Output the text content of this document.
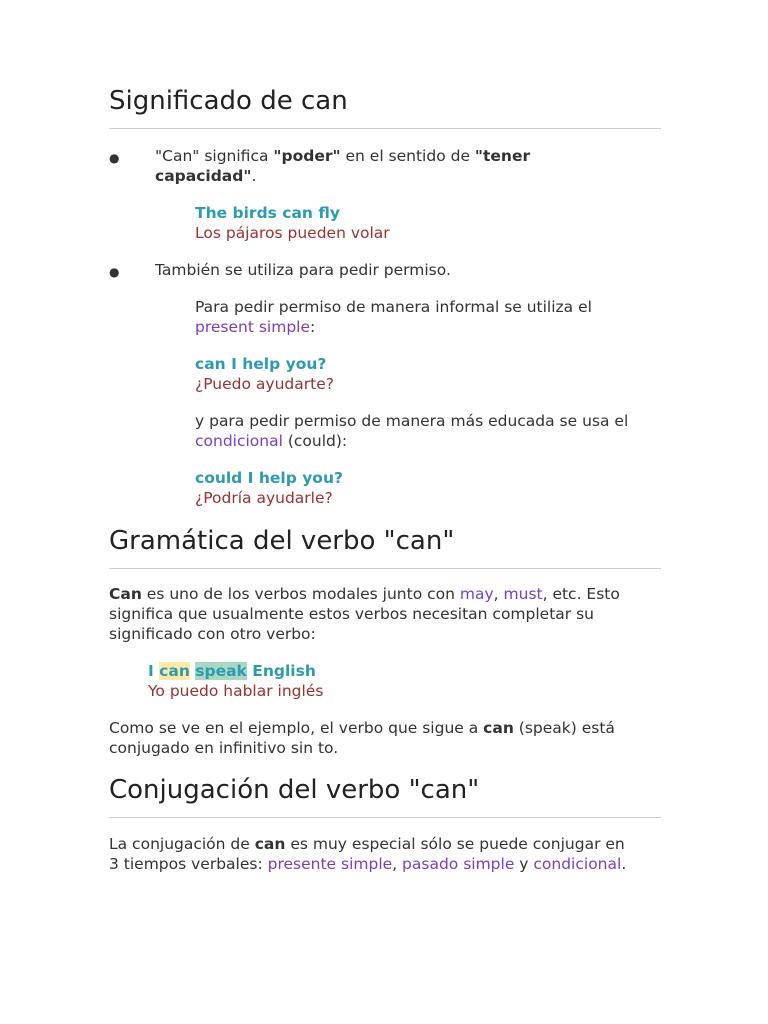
Significado de can
● "Can" significa "poder" en el sentido de "tener capacidad".

The birds can fly

Los pájaros pueden volar

● También se utiliza para pedir permiso.

Para pedir permiso de manera informal se utiliza el present simple:

can I help you?

¿Puedo ayudarte?

y para pedir permiso de manera más educada se usa el condicional (could):

could I help you?

¿Podría ayudarle?

Gramática del verbo "can"

Can es uno de los verbos modales junto con may, must, etc. Esto significa que usualmente estos verbos necesitan completar su significado con otro verbo:

I can speak English

Yo puedo hablar inglés

Como se ve en el ejemplo, el verbo que sigue a can (speak) está conjugado en infinitivo sin to.

Conjugación del verbo "can"

La conjugación de can es muy especial sólo se puede conjugar en 3 tiempos verbales: presente simple, pasado simple y condicional.
